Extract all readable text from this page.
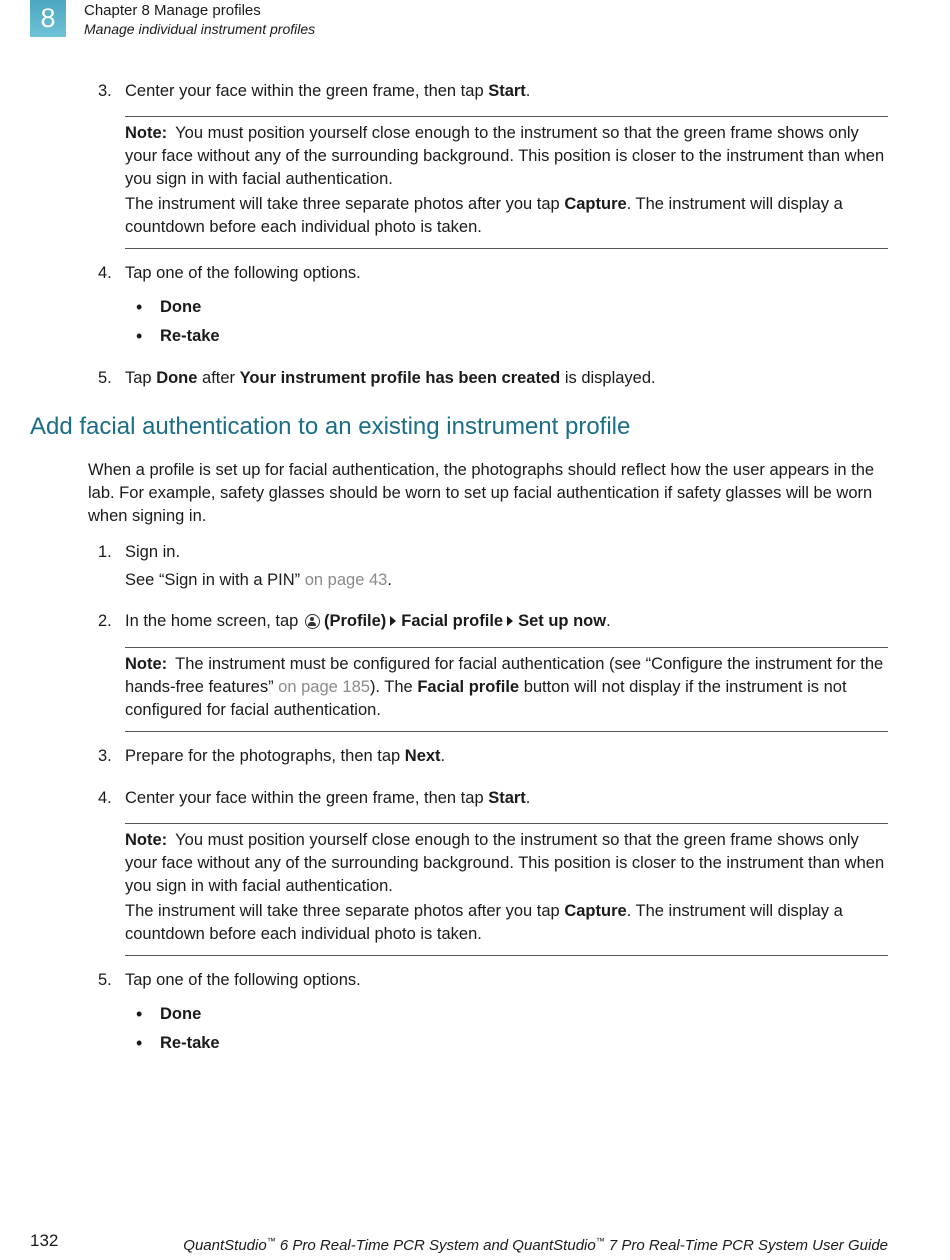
8	Chapter 8 Manage profiles
Manage individual instrument profiles
3. Center your face within the green frame, then tap Start.

Note: You must position yourself close enough to the instrument so that the green frame shows only your face without any of the surrounding background. This position is closer to the instrument than when you sign in with facial authentication.

The instrument will take three separate photos after you tap Capture. The instrument will display a countdown before each individual photo is taken.

4. Tap one of the following options.
• Done
• Re-take
5. Tap Done after Your instrument profile has been created is displayed.
Add facial authentication to an existing instrument profile
When a profile is set up for facial authentication, the photographs should reflect how the user appears in the lab. For example, safety glasses should be worn to set up facial authentication if safety glasses will be worn when signing in.
1. Sign in.
See “Sign in with a PIN” on page 43.
2. In the home screen, tap (Profile) Facial profile Set up now.

Note: The instrument must be configured for facial authentication (see “Configure the instrument for the hands-free features” on page 185). The Facial profile button will not display if the instrument is not configured for facial authentication.

3. Prepare for the photographs, then tap Next.
4. Center your face within the green frame, then tap Start.

Note: You must position yourself close enough to the instrument so that the green frame shows only your face without any of the surrounding background. This position is closer to the instrument than when you sign in with facial authentication.

The instrument will take three separate photos after you tap Capture. The instrument will display a countdown before each individual photo is taken.

5. Tap one of the following options.
• Done
• Re-take
132	QuantStudio™ 6 Pro Real-Time PCR System and QuantStudio™ 7 Pro Real-Time PCR System User Guide
